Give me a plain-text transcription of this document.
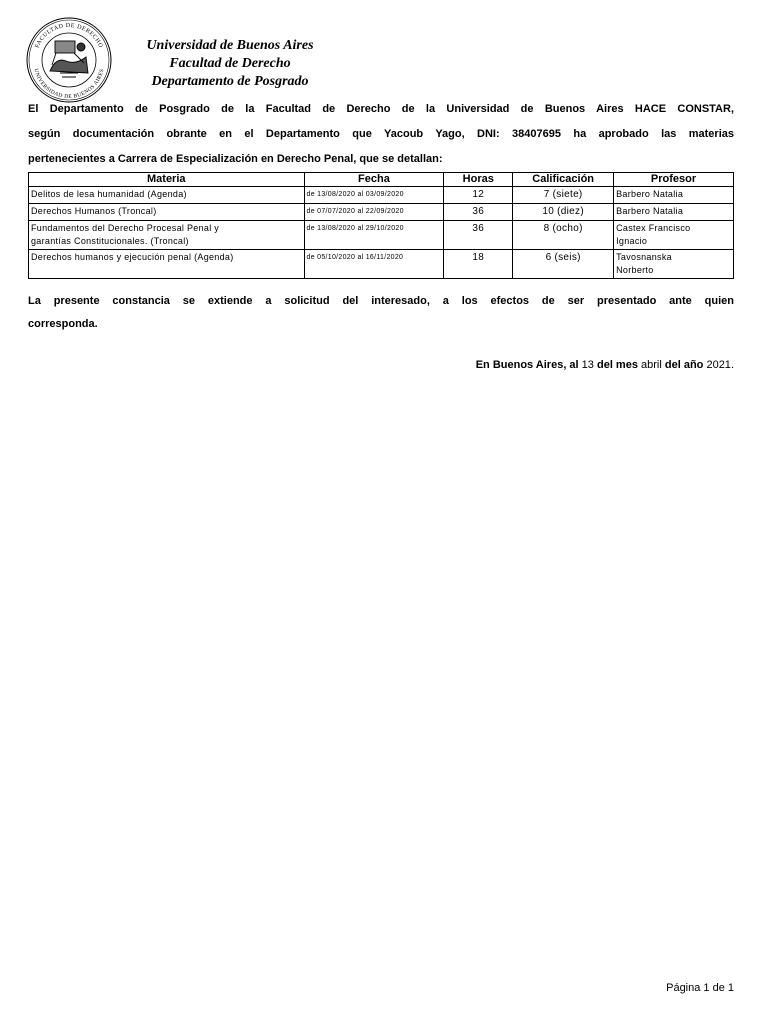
FACULTAD DE DERECHO
UNIVERSIDAD DE BUENOS AIRES
Universidad de Buenos Aires
Facultad de Derecho
Departamento de Posgrado
El Departamento de Posgrado de la Facultad de Derecho de la Universidad de Buenos Aires HACE CONSTAR,
según documentación obrante en el Departamento que Yacoub Yago, DNI: 38407695 ha aprobado las materias
pertenecientes a Carrera de Especialización en Derecho Penal, que se detallan:
Materia	Fecha	Horas	Calificación	Profesor
Delitos de lesa humanidad (Agenda)	de 13/08/2020 al 03/09/2020	12	7 (siete)	Barbero Natalia
Derechos Humanos (Troncal)	de 07/07/2020 al 22/09/2020	36	10 (diez)	Barbero Natalia
Fundamentos del Derecho Procesal Penal y
garantías Constitucionales. (Troncal)	de 13/08/2020 al 29/10/2020	36	8 (ocho)	Castex Francisco
Ignacio
Derechos humanos y ejecución penal (Agenda)	de 05/10/2020 al 16/11/2020	18	6 (seis)	Tavosnanska
Norberto
La presente constancia se extiende a solicitud del interesado, a los efectos de ser presentado ante quien
corresponda.
En Buenos Aires, al 13 del mes abril del año 2021.
Página 1 de 1
